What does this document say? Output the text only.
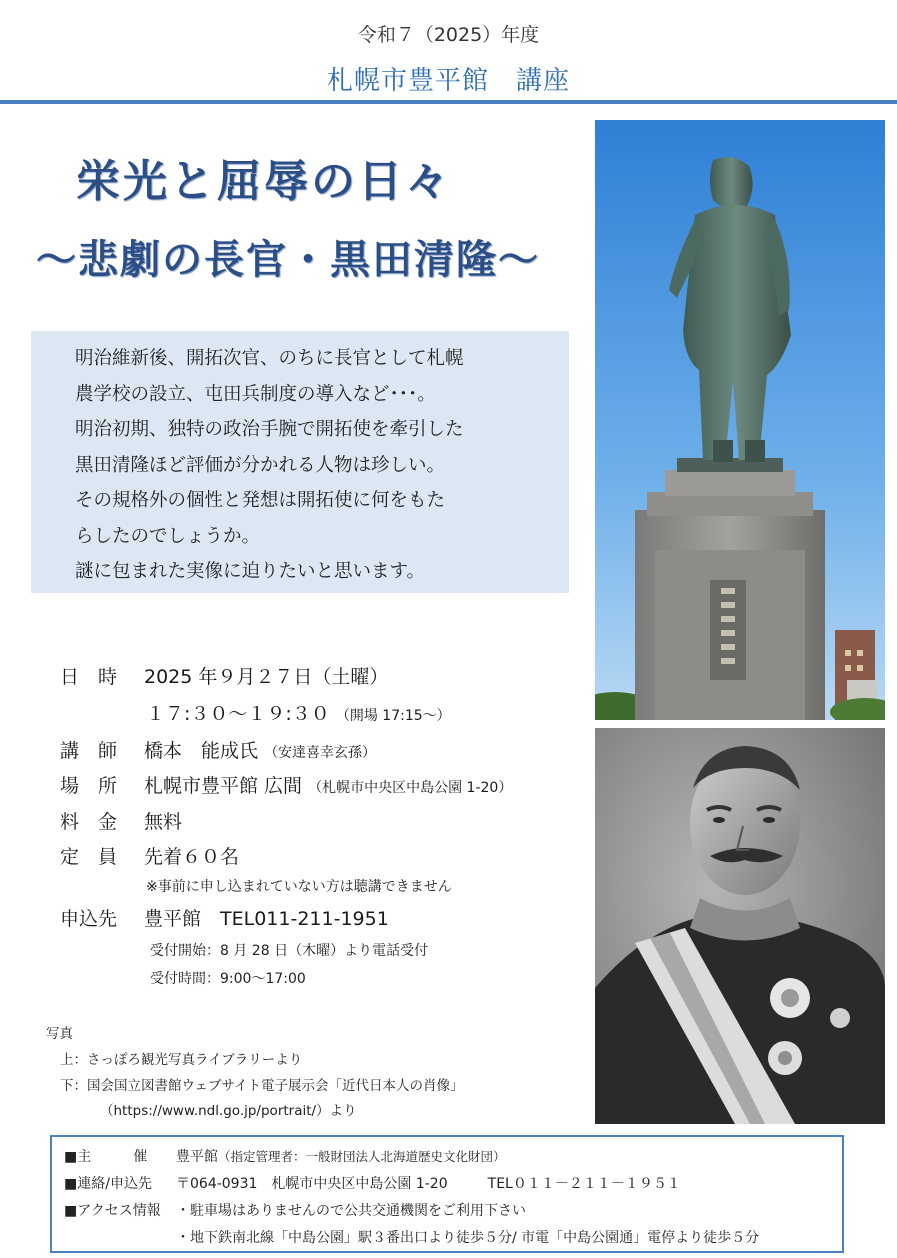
令和７（2025）年度
札幌市豊平館　講座
栄光と屈辱の日々
～悲劇の長官・黒田清隆～
明治維新後、開拓次官、のちに長官として札幌
農学校の設立、屯田兵制度の導入など･･･。
明治初期、独特の政治手腕で開拓使を牽引した
黒田清隆ほど評価が分かれる人物は珍しい。
その規格外の個性と発想は開拓使に何をもた
らしたのでしょうか。
謎に包まれた実像に迫りたいと思います。
日　時 2025 年９月２７日（土曜）
１７:３０～１９:３０ （開場 17:15～）
講　師 橋本　能成氏 （安達喜幸玄孫）
場　所 札幌市豊平館 広間 （札幌市中央区中島公園 1-20）
料　金 無料
定　員 先着６０名
※事前に申し込まれていない方は聴講できません
申込先 豊平館　TEL011-211-1951
受付開始：8 月 28 日（木曜）より電話受付
受付時間：9:00～17:00
写真
上：さっぽろ観光写真ライブラリーより
下：国会国立図書館ウェブサイト電子展示会「近代日本人の肖像」
（https://www.ndl.go.jp/portrait/）より
■主　　　催 豊平館（指定管理者：一般財団法人北海道歴史文化財団）
■連絡/申込先 〒064-0931　札幌市中央区中島公園 1-20	TEL０１１－２１１－１９５１
■アクセス情報 ・駐車場はありませんので公共交通機関をご利用下さい
・地下鉄南北線「中島公園」駅３番出口より徒歩５分/ 市電「中島公園通」電停より徒歩５分
